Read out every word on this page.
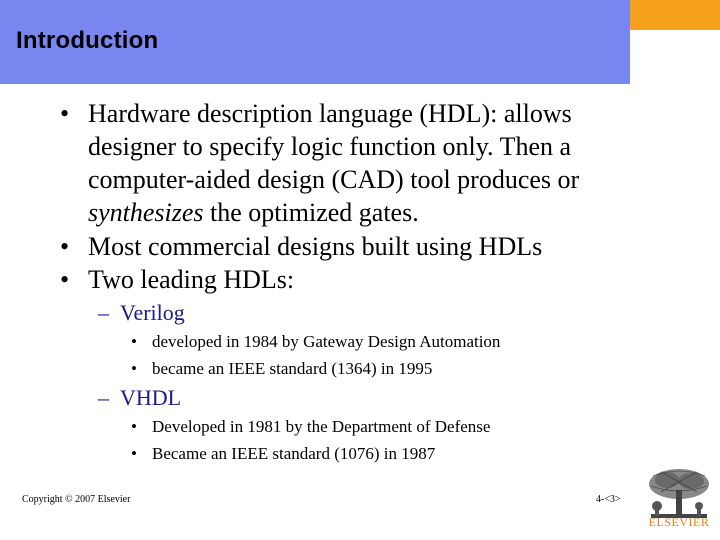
Introduction
• Hardware description language (HDL): allows
designer to specify logic function only. Then a
computer-aided design (CAD) tool produces or
synthesizes the optimized gates.
• Most commercial designs built using HDLs
• Two leading HDLs:
– Verilog
• developed in 1984 by Gateway Design Automation
• became an IEEE standard (1364) in 1995
– VHDL
• Developed in 1981 by the Department of Defense
• Became an IEEE standard (1076) in 1987
Copyright © 2007 Elsevier	4-<3>
ELSEVIER
